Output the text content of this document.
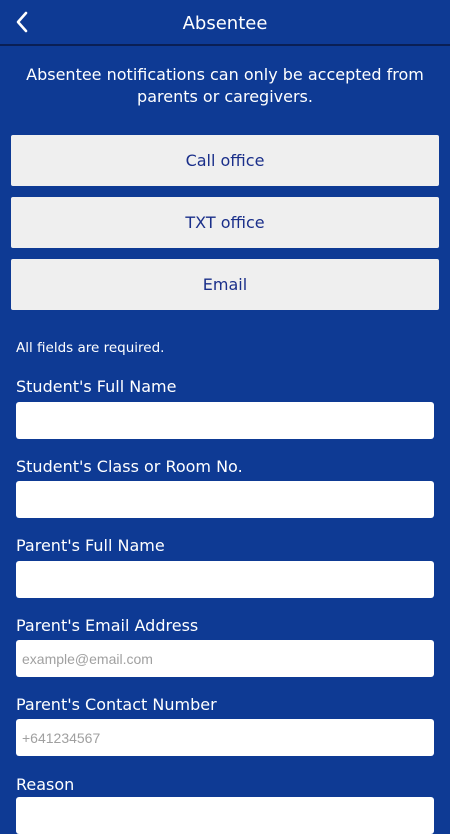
Absentee
Absentee notifications can only be accepted from parents or caregivers.
Call office
TXT office
Email
All fields are required.
Student's Full Name
Student's Class or Room No.
Parent's Full Name
Parent's Email Address
example@email.com
Parent's Contact Number
+641234567
Reason
